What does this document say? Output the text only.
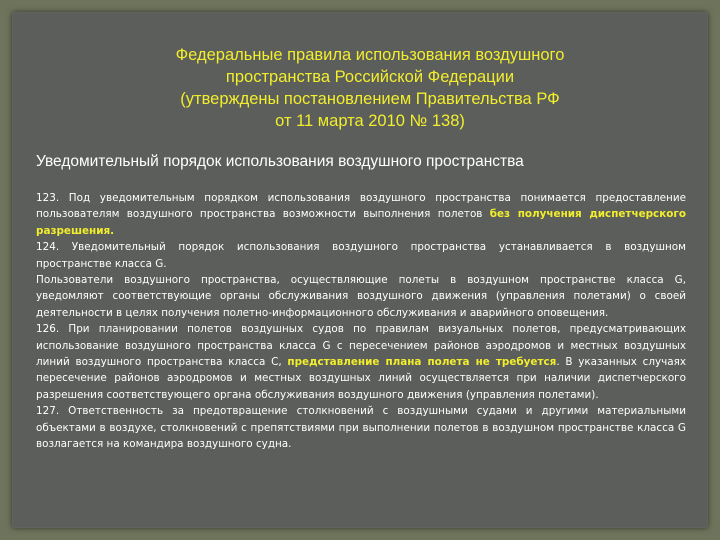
Федеральные правила использования воздушного
пространства Российской Федерации
(утверждены постановлением Правительства РФ
от 11 марта 2010 № 138)
Уведомительный порядок использования воздушного пространства

123. Под уведомительным порядком использования воздушного пространства понимается предоставление пользователям воздушного пространства возможности выполнения полетов без получения диспетчерского разрешения.

124. Уведомительный порядок использования воздушного пространства устанавливается в воздушном пространстве класса G.

Пользователи воздушного пространства, осуществляющие полеты в воздушном пространстве класса G, уведомляют соответствующие органы обслуживания воздушного движения (управления полетами) о своей деятельности в целях получения полетно-информационного обслуживания и аварийного оповещения.

126. При планировании полетов воздушных судов по правилам визуальных полетов, предусматривающих использование воздушного пространства класса G с пересечением районов аэродромов и местных воздушных линий воздушного пространства класса С, представление плана полета не требуется. В указанных случаях пересечение районов аэродромов и местных воздушных линий осуществляется при наличии диспетчерского разрешения соответствующего органа обслуживания воздушного движения (управления полетами).

127. Ответственность за предотвращение столкновений с воздушными судами и другими материальными объектами в воздухе, столкновений с препятствиями при выполнении полетов в воздушном пространстве класса G возлагается на командира воздушного судна.
